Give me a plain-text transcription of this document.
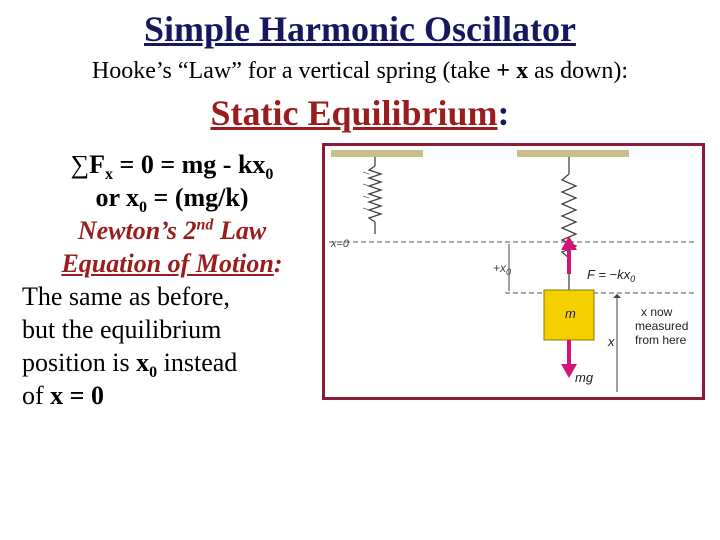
Simple Harmonic Oscillator
Hooke’s “Law” for a vertical spring (take + x as down):
Static Equilibrium:
$\sum F_x = 0$ = mg - $kx_0$
or $x_0 = (mg/k)$
Newton’s 2nd Law
Equation of Motion:
The same as before,
but the equilibrium
position is $x_0$ instead
of x = 0
x=0
$+x_0$	$F = -kx_0$
m
mg
x
x now
measured
from here
